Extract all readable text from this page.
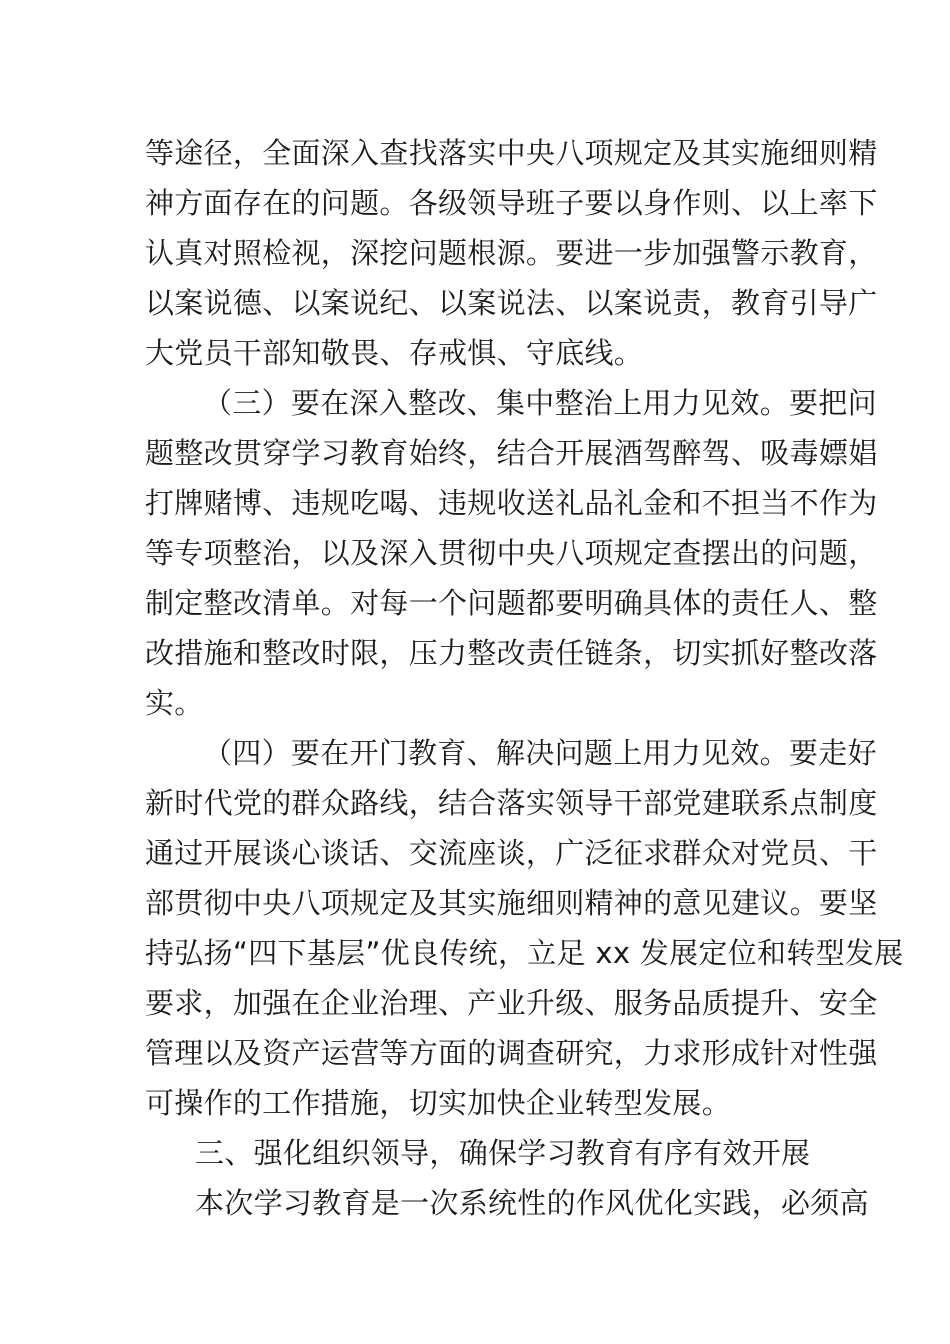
等途径，全面深入查找落实中央八项规定及其实施细则精
神方面存在的问题。各级领导班子要以身作则、以上率下
认真对照检视，深挖问题根源。要进一步加强警示教育，
以案说德、以案说纪、以案说法、以案说责，教育引导广
大党员干部知敬畏、存戒惧、守底线。
（三）要在深入整改、集中整治上用力见效。要把问
题整改贯穿学习教育始终，结合开展酒驾醉驾、吸毒嫖娼
打牌赌博、违规吃喝、违规收送礼品礼金和不担当不作为
等专项整治，以及深入贯彻中央八项规定查摆出的问题，
制定整改清单。对每一个问题都要明确具体的责任人、整
改措施和整改时限，压力整改责任链条，切实抓好整改落
实。
（四）要在开门教育、解决问题上用力见效。要走好
新时代党的群众路线，结合落实领导干部党建联系点制度
通过开展谈心谈话、交流座谈，广泛征求群众对党员、干
部贯彻中央八项规定及其实施细则精神的意见建议。要坚
持弘扬“四下基层”优良传统，立足 xx 发展定位和转型发展
要求，加强在企业治理、产业升级、服务品质提升、安全
管理以及资产运营等方面的调查研究，力求形成针对性强
可操作的工作措施，切实加快企业转型发展。
三、强化组织领导，确保学习教育有序有效开展
本次学习教育是一次系统性的作风优化实践，必须高
